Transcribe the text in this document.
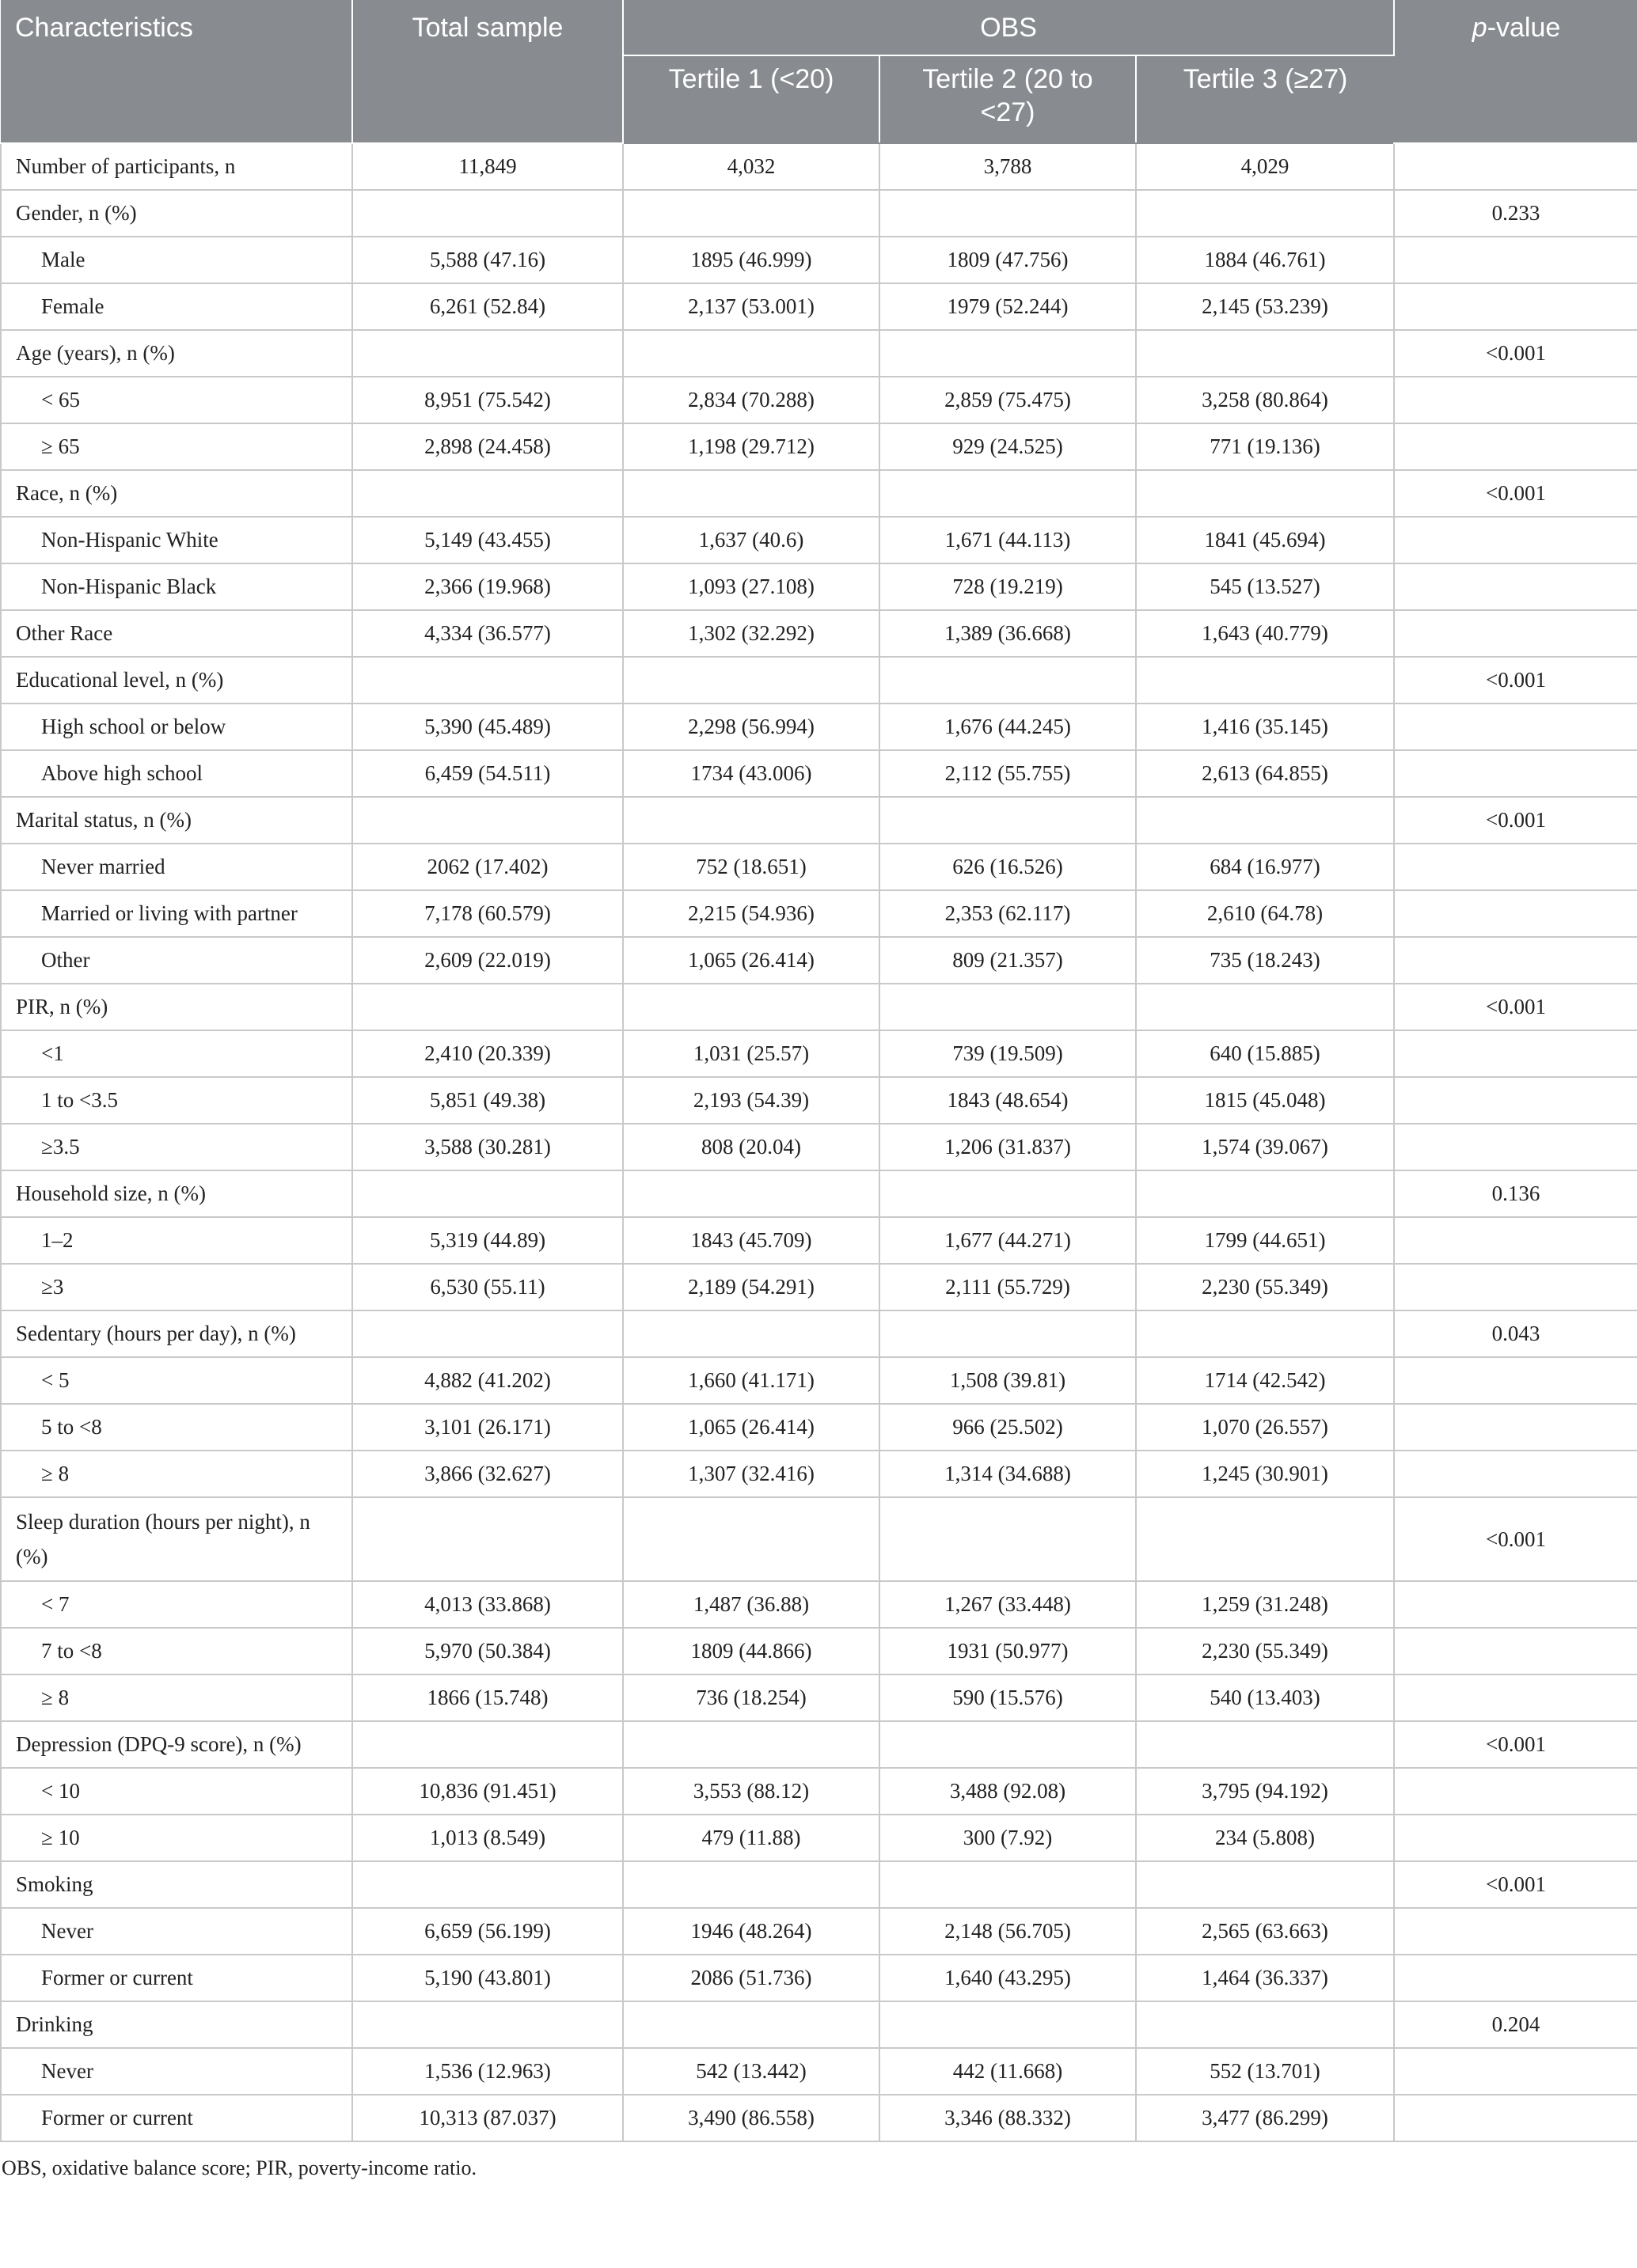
Characteristics	Total sample	OBS			p-value
		Tertile 1 (<20)	Tertile 2 (20 to <27)	Tertile 3 (≥27)	
Number of participants, n	11,849	4,032	3,788	4,029	
Gender, n (%)					0.233
Male	5,588 (47.16)	1895 (46.999)	1809 (47.756)	1884 (46.761)	
Female	6,261 (52.84)	2,137 (53.001)	1979 (52.244)	2,145 (53.239)	
Age (years), n (%)					<0.001
< 65	8,951 (75.542)	2,834 (70.288)	2,859 (75.475)	3,258 (80.864)	
≥ 65	2,898 (24.458)	1,198 (29.712)	929 (24.525)	771 (19.136)	
Race, n (%)					<0.001
Non-Hispanic White	5,149 (43.455)	1,637 (40.6)	1,671 (44.113)	1841 (45.694)	
Non-Hispanic Black	2,366 (19.968)	1,093 (27.108)	728 (19.219)	545 (13.527)	
Other Race	4,334 (36.577)	1,302 (32.292)	1,389 (36.668)	1,643 (40.779)	
Educational level, n (%)					<0.001
High school or below	5,390 (45.489)	2,298 (56.994)	1,676 (44.245)	1,416 (35.145)	
Above high school	6,459 (54.511)	1734 (43.006)	2,112 (55.755)	2,613 (64.855)	
Marital status, n (%)					<0.001
Never married	2062 (17.402)	752 (18.651)	626 (16.526)	684 (16.977)	
Married or living with partner	7,178 (60.579)	2,215 (54.936)	2,353 (62.117)	2,610 (64.78)	
Other	2,609 (22.019)	1,065 (26.414)	809 (21.357)	735 (18.243)	
PIR, n (%)					<0.001
<1	2,410 (20.339)	1,031 (25.57)	739 (19.509)	640 (15.885)	
1 to <3.5	5,851 (49.38)	2,193 (54.39)	1843 (48.654)	1815 (45.048)	
≥3.5	3,588 (30.281)	808 (20.04)	1,206 (31.837)	1,574 (39.067)	
Household size, n (%)					0.136
1–2	5,319 (44.89)	1843 (45.709)	1,677 (44.271)	1799 (44.651)	
≥3	6,530 (55.11)	2,189 (54.291)	2,111 (55.729)	2,230 (55.349)	
Sedentary (hours per day), n (%)					0.043
< 5	4,882 (41.202)	1,660 (41.171)	1,508 (39.81)	1714 (42.542)	
5 to <8	3,101 (26.171)	1,065 (26.414)	966 (25.502)	1,070 (26.557)	
≥ 8	3,866 (32.627)	1,307 (32.416)	1,314 (34.688)	1,245 (30.901)	
Sleep duration (hours per night), n (%)					<0.001
< 7	4,013 (33.868)	1,487 (36.88)	1,267 (33.448)	1,259 (31.248)	
7 to <8	5,970 (50.384)	1809 (44.866)	1931 (50.977)	2,230 (55.349)	
≥ 8	1866 (15.748)	736 (18.254)	590 (15.576)	540 (13.403)	
Depression (DPQ-9 score), n (%)					<0.001
< 10	10,836 (91.451)	3,553 (88.12)	3,488 (92.08)	3,795 (94.192)	
≥ 10	1,013 (8.549)	479 (11.88)	300 (7.92)	234 (5.808)	
Smoking					<0.001
Never	6,659 (56.199)	1946 (48.264)	2,148 (56.705)	2,565 (63.663)	
Former or current	5,190 (43.801)	2086 (51.736)	1,640 (43.295)	1,464 (36.337)	
Drinking					0.204
Never	1,536 (12.963)	542 (13.442)	442 (11.668)	552 (13.701)	
Former or current	10,313 (87.037)	3,490 (86.558)	3,346 (88.332)	3,477 (86.299)	
OBS, oxidative balance score; PIR, poverty-income ratio.
